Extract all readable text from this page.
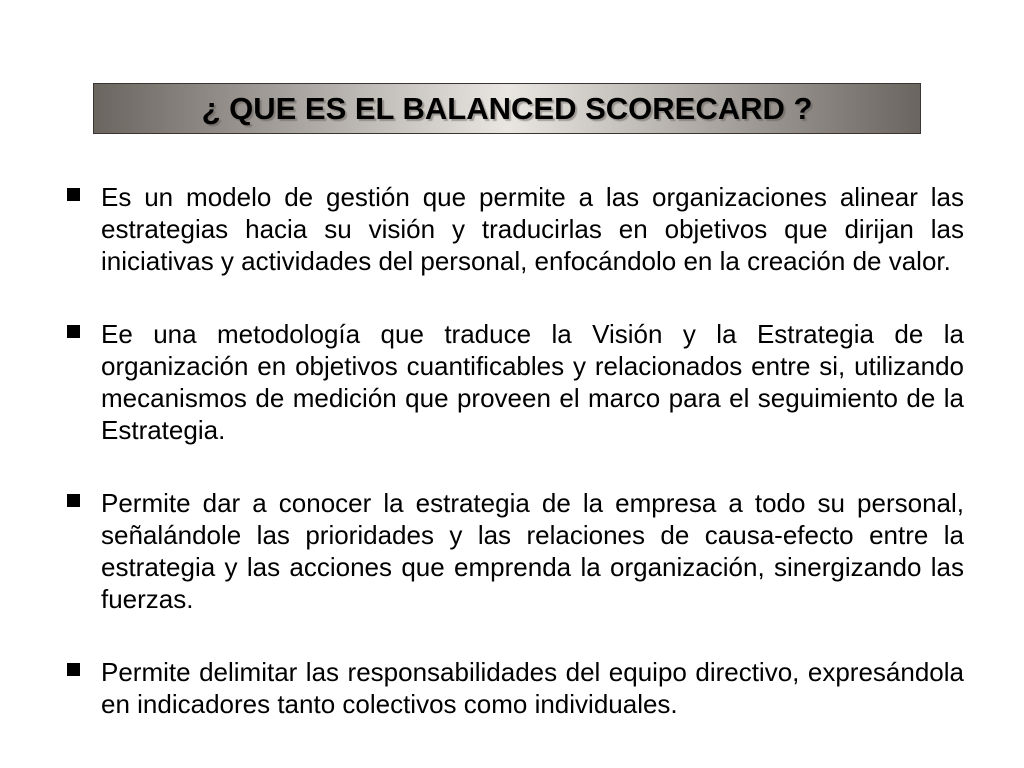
¿ QUE ES EL BALANCED SCORECARD ?
Es un modelo de gestión que permite a las organizaciones alinear las estrategias hacia su visión y traducirlas en objetivos que dirijan las iniciativas y actividades del personal, enfocándolo en la creación de valor.
Ee una metodología que traduce la Visión y la Estrategia de la organización en objetivos cuantificables y relacionados entre si, utilizando mecanismos de medición que proveen el marco para el seguimiento de la Estrategia.
Permite dar a conocer la estrategia de la empresa a todo su personal, señalándole las prioridades y las relaciones de causa-efecto entre la estrategia y las acciones que emprenda la organización, sinergizando las fuerzas.
Permite delimitar las responsabilidades del equipo directivo, expresándola en indicadores tanto colectivos como individuales.
